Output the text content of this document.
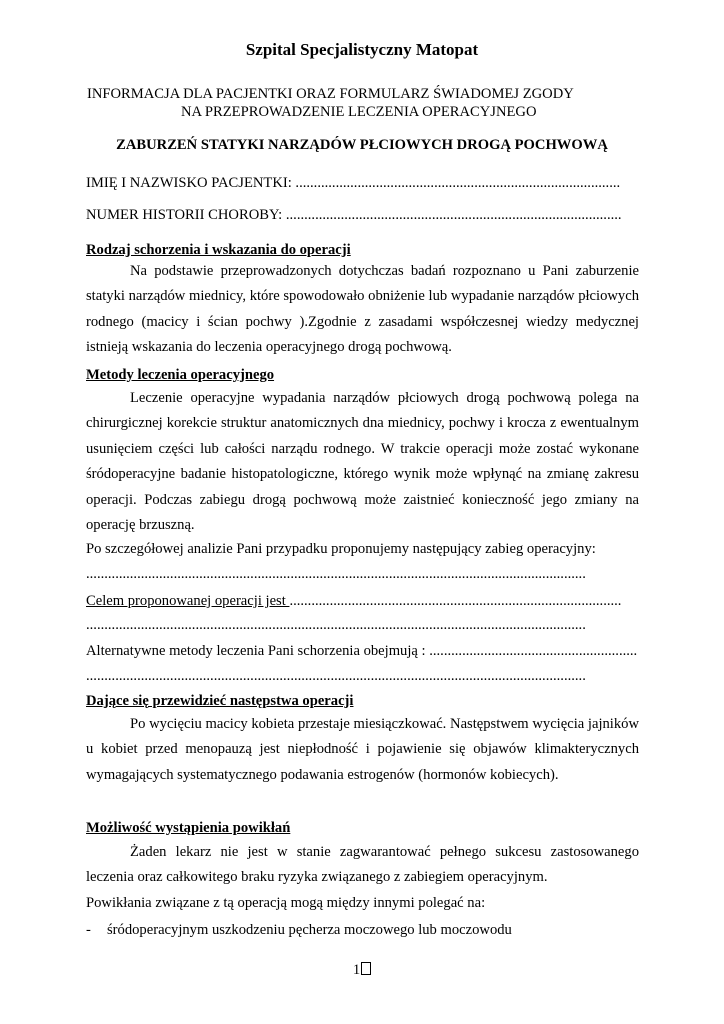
Szpital Specjalistyczny Matopat
INFORMACJA DLA PACJENTKI ORAZ FORMULARZ ŚWIADOMEJ ZGODY
NA PRZEPROWADZENIE LECZENIA OPERACYJNEGO
ZABURZEŃ STATYKI NARZĄDÓW PŁCIOWYCH DROGĄ POCHWOWĄ
IMIĘ I NAZWISKO PACJENTKI: .........................................................................................
NUMER HISTORII CHOROBY: ............................................................................................
Rodzaj schorzenia i wskazania do operacji

Na podstawie przeprowadzonych dotychczas badań rozpoznano u Pani zaburzenie statyki narządów miednicy, które spowodowało obniżenie lub wypadanie narządów płciowych rodnego (macicy i ścian pochwy ).Zgodnie z zasadami współczesnej wiedzy medycznej istnieją wskazania do leczenia operacyjnego drogą pochwową.

Metody leczenia operacyjnego

Leczenie operacyjne wypadania narządów płciowych drogą pochwową polega na chirurgicznej korekcie struktur anatomicznych dna miednicy, pochwy i krocza z ewentualnym usunięciem części lub całości narządu rodnego. W trakcie operacji może zostać wykonane śródoperacyjne badanie histopatologiczne, którego wynik może wpłynąć na zmianę zakresu operacji. Podczas zabiegu drogą pochwową może zaistnieć konieczność jego zmiany na operację brzuszną.

Po szczegółowej analizie Pani przypadku proponujemy następujący zabieg operacyjny:
.........................................................................................................................................
Celem proponowanej operacji jest ...........................................................................................
.........................................................................................................................................
Alternatywne metody leczenia Pani schorzenia obejmują : .........................................................
.........................................................................................................................................
Dające się przewidzieć następstwa operacji

Po wycięciu macicy kobieta przestaje miesiączkować. Następstwem wycięcia jajników u kobiet przed menopauzą jest niepłodność i pojawienie się objawów klimakterycznych wymagających systematycznego podawania estrogenów (hormonów kobiecych).

Możliwość wystąpienia powikłań

Żaden lekarz nie jest w stanie zagwarantować pełnego sukcesu zastosowanego leczenia oraz całkowitego braku ryzyka związanego z zabiegiem operacyjnym.

Powikłania związane z tą operacją mogą między innymi polegać na:
- śródoperacyjnym uszkodzeniu pęcherza moczowego lub moczowodu
1
